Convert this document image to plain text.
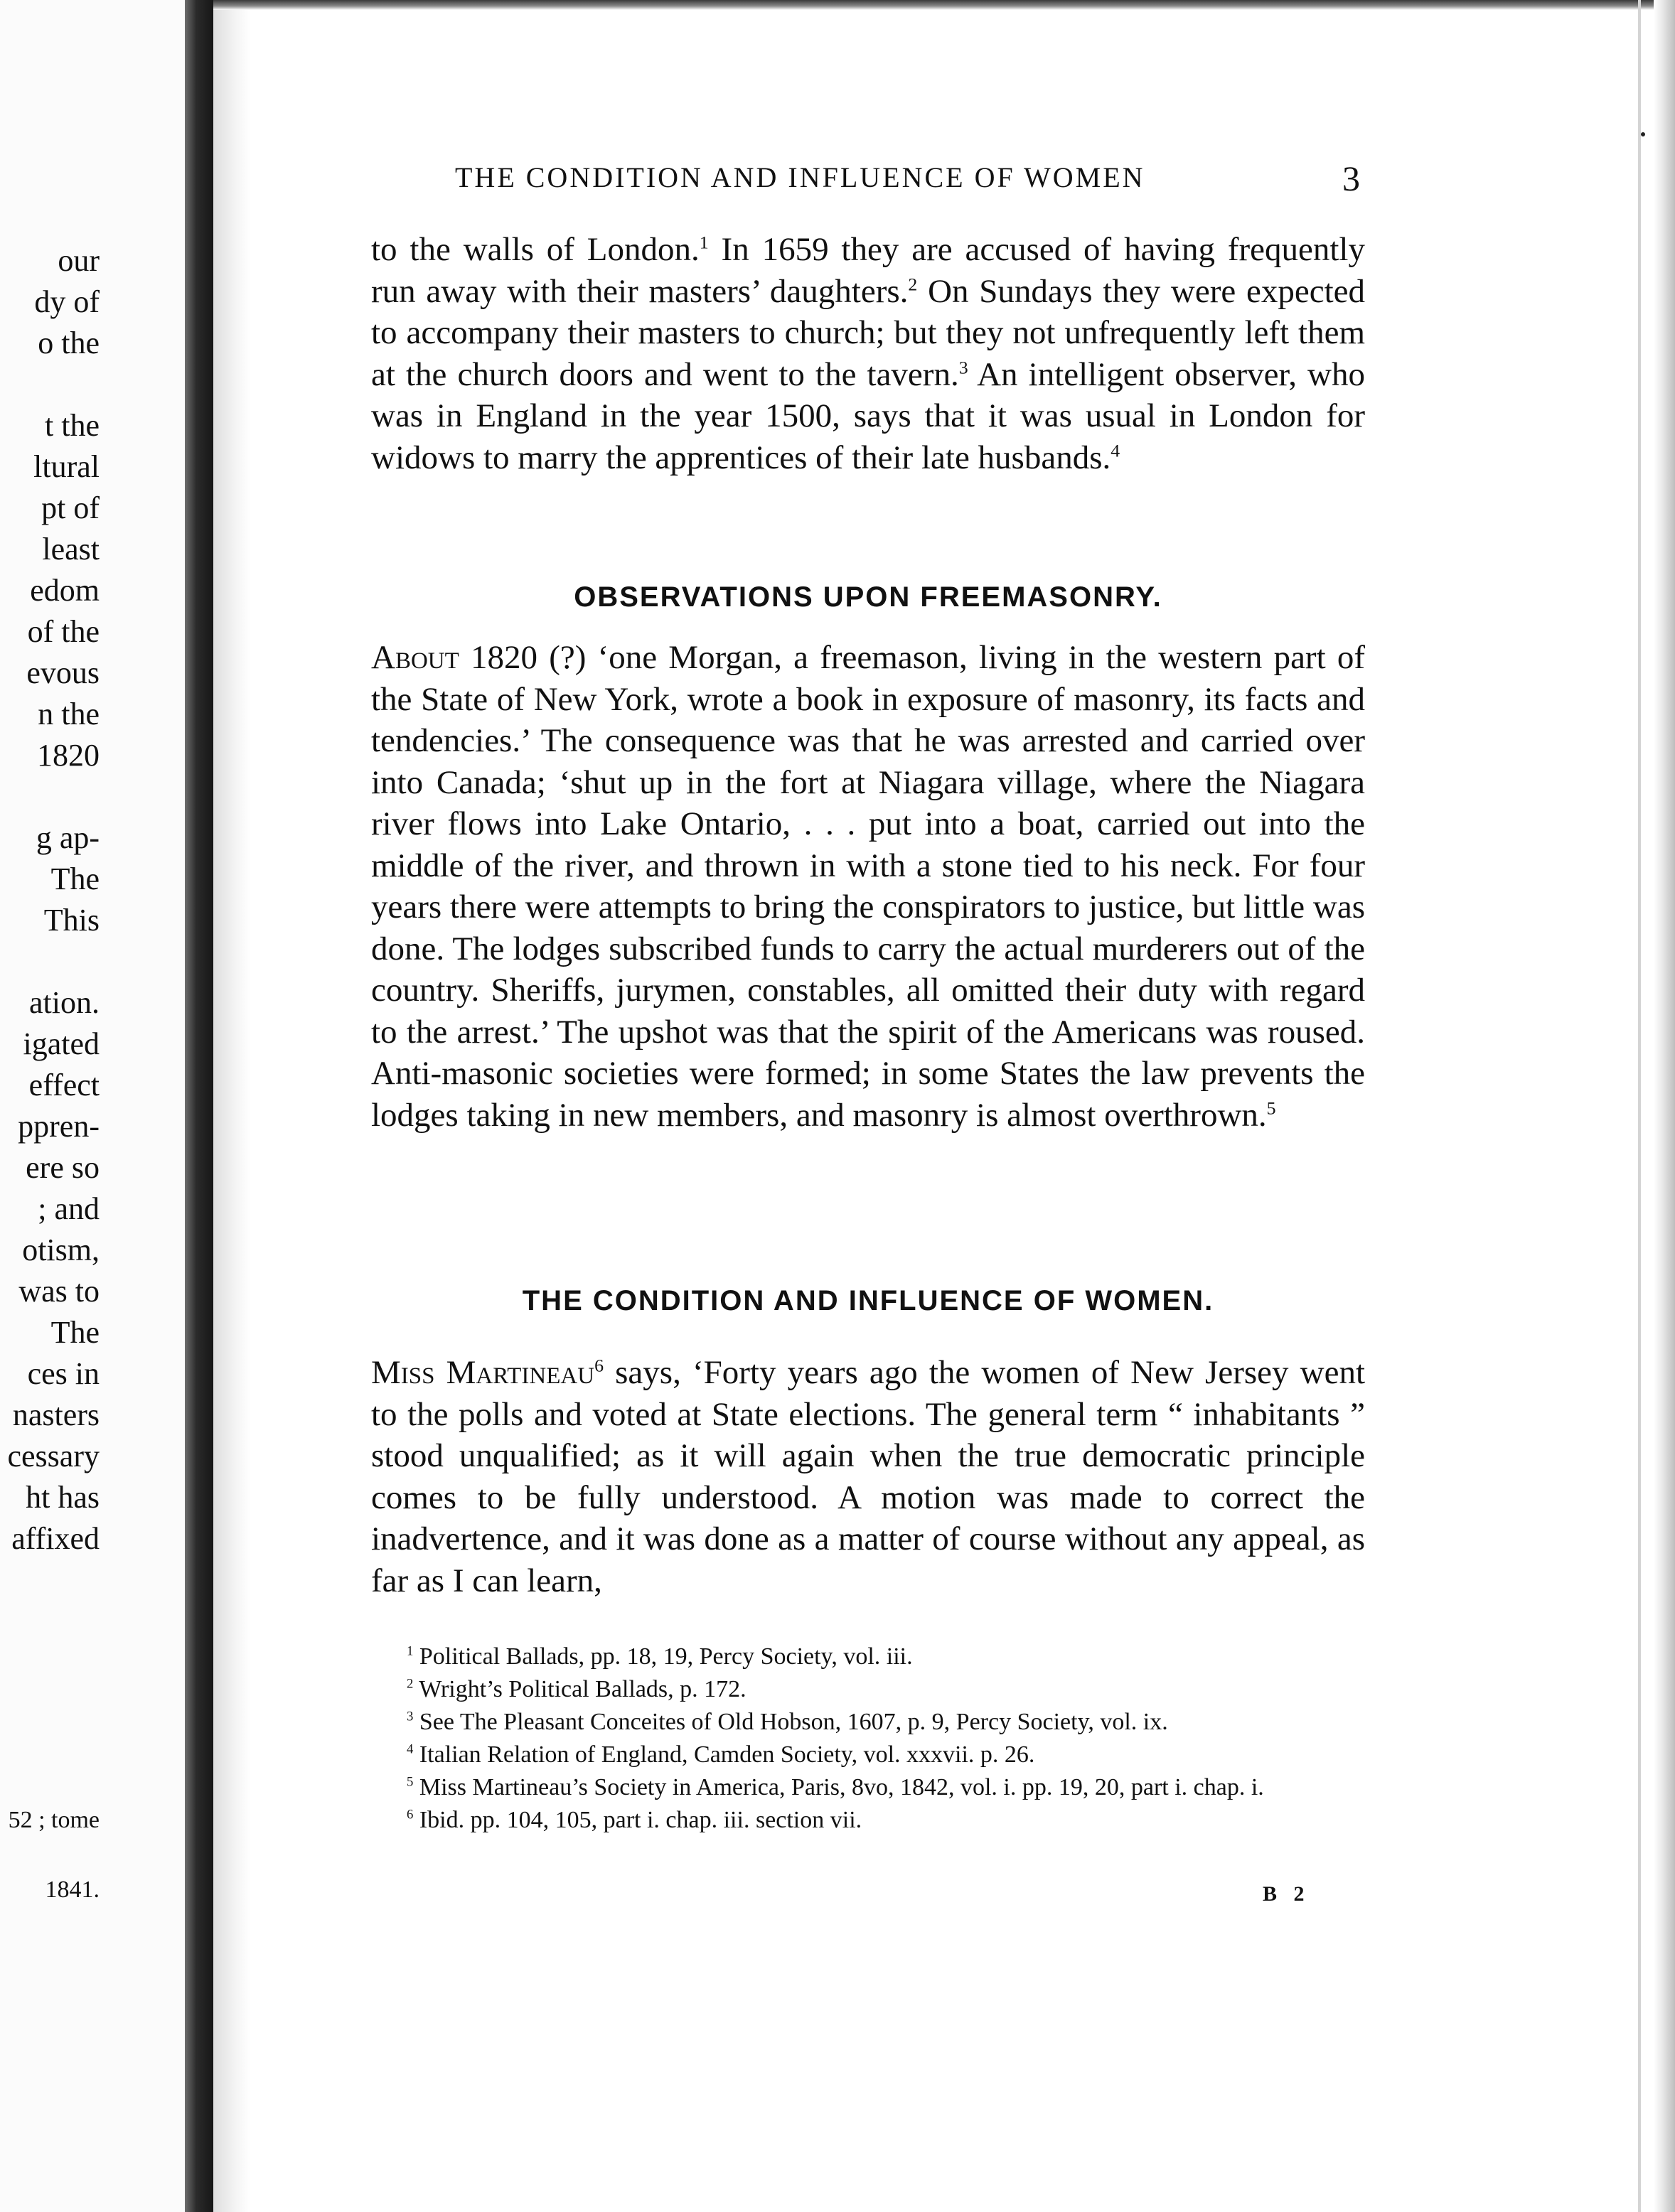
our
dy of
o the
t the
ltural
pt of
least
edom
of the
evous
n the
1820
g ap-
The
This
ation.
igated
effect
ppren-
ere so
; and
otism,
was to
The
ces in
nasters
cessary
ht has
affixed
52 ; tome
1841.
THE CONDITION AND INFLUENCE OF WOMEN	3
to the walls of London.$^1$ In 1659 they are accused of having frequently run away with their masters’ daughters.$^2$ On Sundays they were expected to accompany their masters to church; but they not unfrequently left them at the church doors and went to the tavern.$^3$ An intelligent observer, who was in England in the year 1500, says that it was usual in London for widows to marry the apprentices of their late husbands.$^4$
OBSERVATIONS UPON FREEMASONRY.
About 1820 (?) ‘one Morgan, a freemason, living in the western part of the State of New York, wrote a book in exposure of masonry, its facts and tendencies.’ The consequence was that he was arrested and carried over into Canada; ‘shut up in the fort at Niagara village, where the Niagara river flows into Lake Ontario, . . . put into a boat, carried out into the middle of the river, and thrown in with a stone tied to his neck. For four years there were attempts to bring the conspirators to justice, but little was done. The lodges subscribed funds to carry the actual murderers out of the country. Sheriffs, jurymen, constables, all omitted their duty with regard to the arrest.’ The upshot was that the spirit of the Americans was roused. Anti-masonic societies were formed; in some States the law prevents the lodges taking in new members, and masonry is almost overthrown.$^5$
THE CONDITION AND INFLUENCE OF WOMEN.
Miss Martineau$^6$ says, ‘Forty years ago the women of New Jersey went to the polls and voted at State elections. The general term “ inhabitants ” stood unqualified; as it will again when the true democratic principle comes to be fully understood. A motion was made to correct the inadvertence, and it was done as a matter of course without any appeal, as far as I can learn,

$^1$ Political Ballads, pp. 18, 19, Percy Society, vol. iii.

$^2$ Wright’s Political Ballads, p. 172.

$^3$ See The Pleasant Conceites of Old Hobson, 1607, p. 9, Percy Society, vol. ix.

$^4$ Italian Relation of England, Camden Society, vol. xxxvii. p. 26.

$^5$ Miss Martineau’s Society in America, Paris, 8vo, 1842, vol. i. pp. 19, 20, part i. chap. i.

$^6$ Ibid. pp. 104, 105, part i. chap. iii. section vii.

B 2
